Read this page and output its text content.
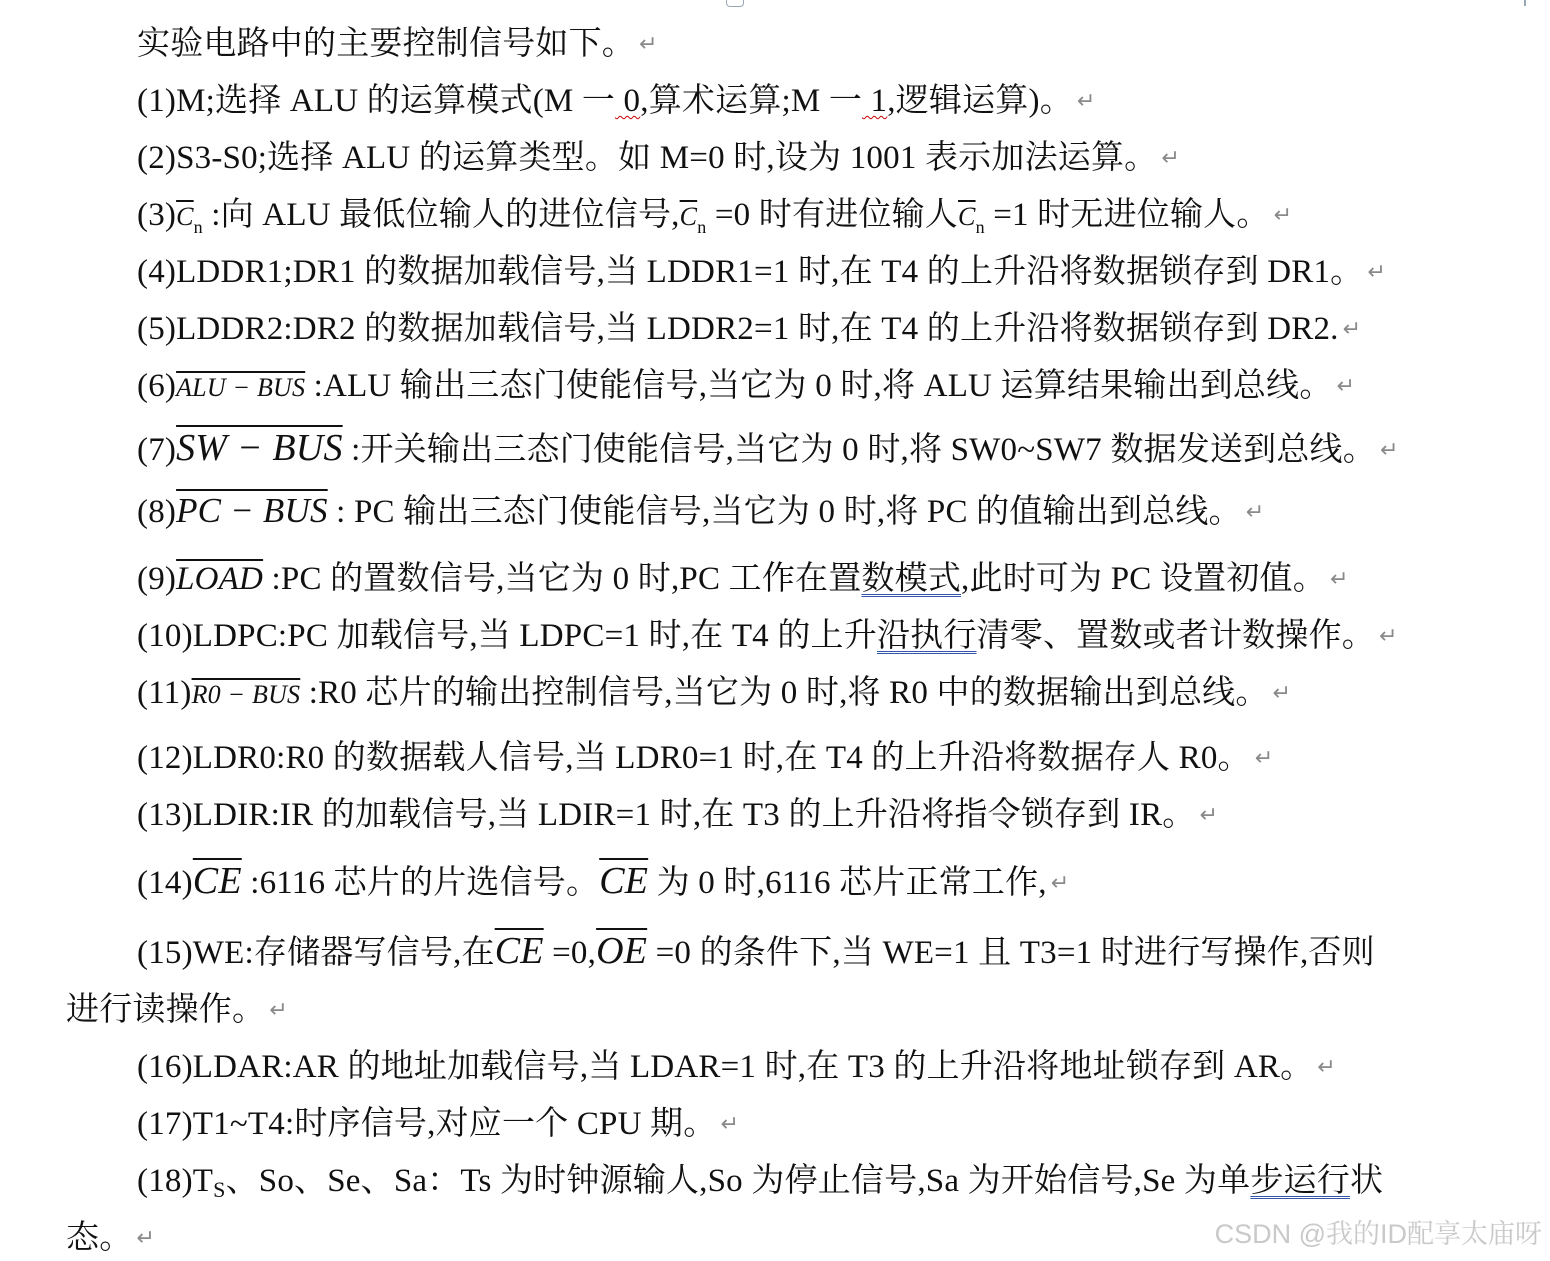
实验电路中的主要控制信号如下。 ↵
(1)M;选择 ALU 的运算模式(M 一 0,算术运算;M 一 1,逻辑运算)。 ↵
(2)S3-S0;选择 ALU 的运算类型。如 M=0 时,设为 1001 表示加法运算。 ↵
(3)Cn :向 ALU 最低位输人的进位信号,Cn =0 时有进位输人Cn =1 时无进位输人。 ↵
(4)LDDR1;DR1 的数据加载信号,当 LDDR1=1 时,在 T4 的上升沿将数据锁存到 DR1。 ↵
(5)LDDR2:DR2 的数据加载信号,当 LDDR2=1 时,在 T4 的上升沿将数据锁存到 DR2. ↵
(6)ALU − BUS :ALU 输出三态门使能信号,当它为 0 时,将 ALU 运算结果输出到总线。 ↵
(7)SW − BUS :开关输出三态门使能信号,当它为 0 时,将 SW0~SW7 数据发送到总线。 ↵
(8)PC − BUS : PC 输出三态门使能信号,当它为 0 时,将 PC 的值输出到总线。 ↵
(9)LOAD :PC 的置数信号,当它为 0 时,PC 工作在置数模式,此时可为 PC 设置初值。 ↵
(10)LDPC:PC 加载信号,当 LDPC=1 时,在 T4 的上升沿执行清零、置数或者计数操作。 ↵
(11)R0 − BUS :R0 芯片的输出控制信号,当它为 0 时,将 R0 中的数据输出到总线。 ↵
(12)LDR0:R0 的数据载人信号,当 LDR0=1 时,在 T4 的上升沿将数据存人 R0。 ↵
(13)LDIR:IR 的加载信号,当 LDIR=1 时,在 T3 的上升沿将指令锁存到 IR。 ↵
$(14)\overline{CE}$ :6116 芯片的片选信号。$\overline{CE}$ 为 0 时,6116 芯片正常工作, ↵
(15)WE:存储器写信号,在$\overline{CE} =0,\overline{OE} =0$ 的条件下,当 WE=1 且 T3=1 时进行写操作,否则
进行读操作。 ↵
(16)LDAR:AR 的地址加载信号,当 LDAR=1 时,在 T3 的上升沿将地址锁存到 AR。 ↵
(17)T1~T4:时序信号,对应一个 CPU 期。 ↵
(18)TS、So、Se、Sa：Ts 为时钟源输人,So 为停止信号,Sa 为开始信号,Se 为单步运行状
态。 ↵	CSDN @我的ID配享太庙呀
